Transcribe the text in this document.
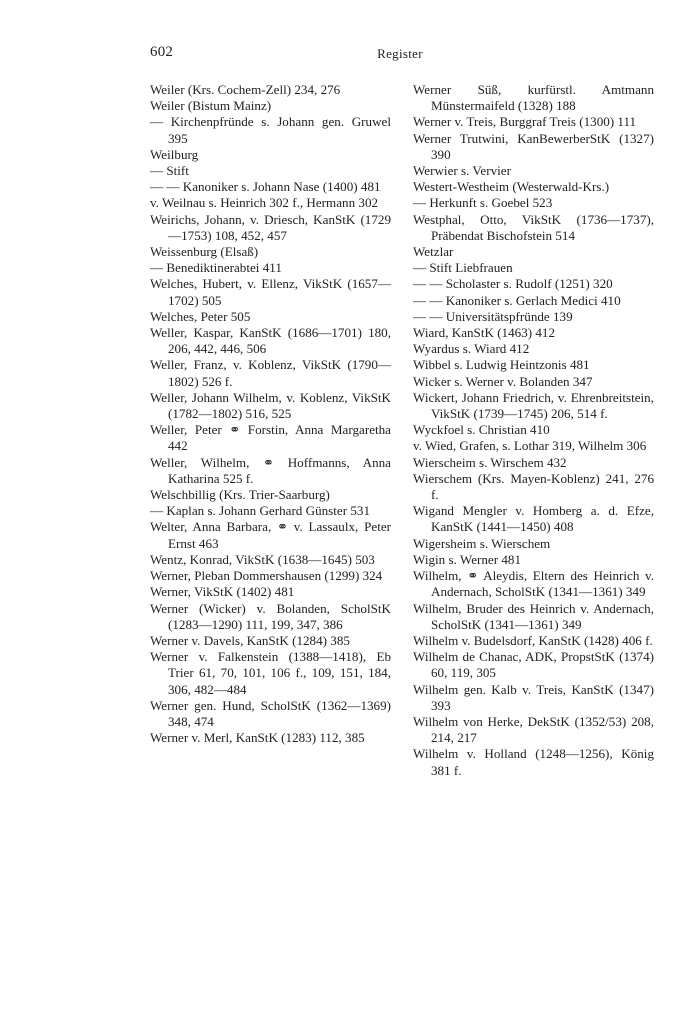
602	Register
Weiler (Krs. Cochem-Zell) 234, 276
Weiler (Bistum Mainz)
— Kirchenpfründe s. Johann gen. Gruwel 395
Weilburg
— Stift
— — Kanoniker s. Johann Nase (1400) 481
v. Weilnau s. Heinrich 302 f., Hermann 302
Weirichs, Johann, v. Driesch, KanStK (1729—1753) 108, 452, 457
Weissenburg (Elsaß)
— Benediktinerabtei 411
Welches, Hubert, v. Ellenz, VikStK (1657—1702) 505
Welches, Peter 505
Weller, Kaspar, KanStK (1686—1701) 180, 206, 442, 446, 506
Weller, Franz, v. Koblenz, VikStK (1790—1802) 526 f.
Weller, Johann Wilhelm, v. Koblenz, VikStK (1782—1802) 516, 525
Weller, Peter ⚭ Forstin, Anna Margaretha 442
Weller, Wilhelm, ⚭ Hoffmanns, Anna Katharina 525 f.
Welschbillig (Krs. Trier-Saarburg)
— Kaplan s. Johann Gerhard Günster 531
Welter, Anna Barbara, ⚭ v. Lassaulx, Peter Ernst 463
Wentz, Konrad, VikStK (1638—1645) 503
Werner, Pleban Dommershausen (1299) 324
Werner, VikStK (1402) 481
Werner (Wicker) v. Bolanden, ScholStK (1283—1290) 111, 199, 347, 386
Werner v. Davels, KanStK (1284) 385
Werner v. Falkenstein (1388—1418), Eb Trier 61, 70, 101, 106 f., 109, 151, 184, 306, 482—484
Werner gen. Hund, ScholStK (1362—1369) 348, 474
Werner v. Merl, KanStK (1283) 112, 385
Werner Süß, kurfürstl. Amtmann Münstermaifeld (1328) 188
Werner v. Treis, Burggraf Treis (1300) 111
Werner Trutwini, KanBewerberStK (1327) 390
Werwier s. Vervier
Westert-Westheim (Westerwald-Krs.)
— Herkunft s. Goebel 523
Westphal, Otto, VikStK (1736—1737), Präbendat Bischofstein 514
Wetzlar
— Stift Liebfrauen
— — Scholaster s. Rudolf (1251) 320
— — Kanoniker s. Gerlach Medici 410
— — Universitätspfründe 139
Wiard, KanStK (1463) 412
Wyardus s. Wiard 412
Wibbel s. Ludwig Heintzonis 481
Wicker s. Werner v. Bolanden 347
Wickert, Johann Friedrich, v. Ehrenbreitstein, VikStK (1739—1745) 206, 514 f.
Wyckfoel s. Christian 410
v. Wied, Grafen, s. Lothar 319, Wilhelm 306
Wierscheim s. Wirschem 432
Wierschem (Krs. Mayen-Koblenz) 241, 276 f.
Wigand Mengler v. Homberg a. d. Efze, KanStK (1441—1450) 408
Wigersheim s. Wierschem
Wigin s. Werner 481
Wilhelm, ⚭ Aleydis, Eltern des Heinrich v. Andernach, ScholStK (1341—1361) 349
Wilhelm, Bruder des Heinrich v. Andernach, ScholStK (1341—1361) 349
Wilhelm v. Budelsdorf, KanStK (1428) 406 f.
Wilhelm de Chanac, ADK, PropstStK (1374) 60, 119, 305
Wilhelm gen. Kalb v. Treis, KanStK (1347) 393
Wilhelm von Herke, DekStK (1352/53) 208, 214, 217
Wilhelm v. Holland (1248—1256), König 381 f.
